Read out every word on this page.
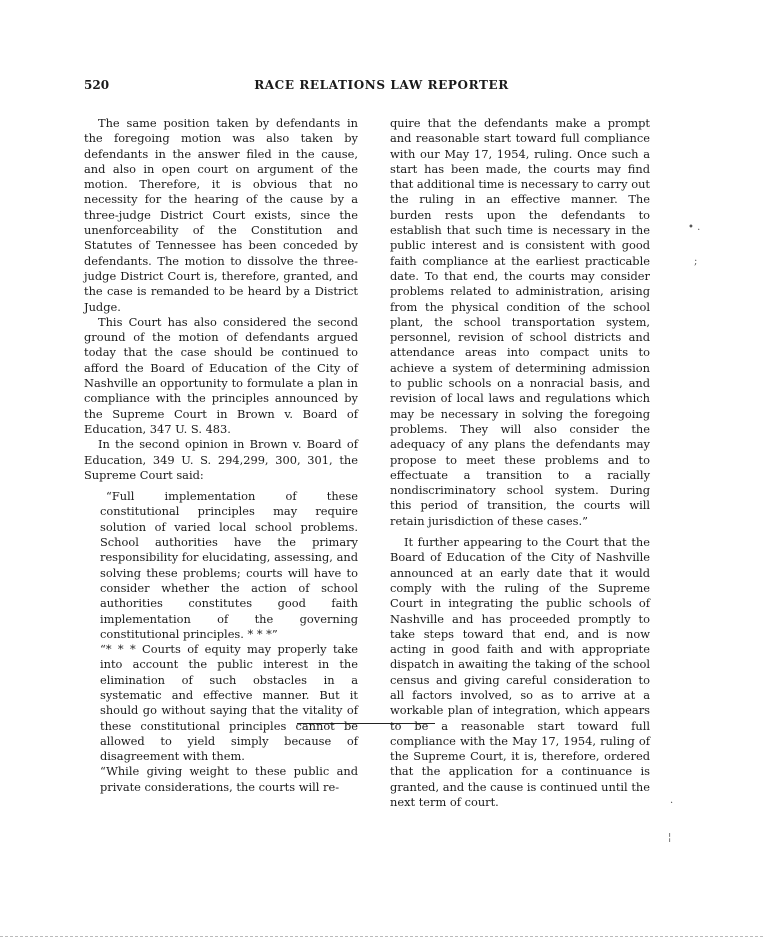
520	RACE RELATIONS LAW REPORTER

The same position taken by defendants in the foregoing motion was also taken by defendants in the answer filed in the cause, and also in open court on argument of the motion. Therefore, it is obvious that no necessity for the hearing of the cause by a three-judge District Court exists, since the unenforceability of the Constitution and Statutes of Tennessee has been conceded by defendants. The motion to dissolve the three-judge District Court is, therefore, granted, and the case is remanded to be heard by a District Judge.

This Court has also considered the second ground of the motion of defendants argued today that the case should be continued to afford the Board of Education of the City of Nashville an opportunity to formulate a plan in compliance with the principles announced by the Supreme Court in Brown v. Board of Education, 347 U. S. 483.

In the second opinion in Brown v. Board of Education, 349 U. S. 294,299, 300, 301, the Supreme Court said:

“Full implementation of these constitutional principles may require solution of varied local school problems. School authorities have the primary responsibility for elucidating, assessing, and solving these problems; courts will have to consider whether the action of school authorities constitutes good faith implementation of the governing constitutional principles. * * *”

“* * * Courts of equity may properly take into account the public interest in the elimination of such obstacles in a systematic and effective manner. But it should go without saying that the vitality of these constitutional principles cannot be allowed to yield simply because of disagreement with them.

“While giving weight to these public and private considerations, the courts will re-

quire that the defendants make a prompt and reasonable start toward full compliance with our May 17, 1954, ruling. Once such a start has been made, the courts may find that additional time is necessary to carry out the ruling in an effective manner. The burden rests upon the defendants to establish that such time is necessary in the public interest and is consistent with good faith compliance at the earliest practicable date. To that end, the courts may consider problems related to administration, arising from the physical condition of the school plant, the school transportation system, personnel, revision of school districts and attendance areas into compact units to achieve a system of determining admission to public schools on a nonracial basis, and revision of local laws and regulations which may be necessary in solving the foregoing problems. They will also consider the adequacy of any plans the defendants may propose to meet these problems and to effectuate a transition to a racially nondiscriminatory school system. During this period of transition, the courts will retain jurisdiction of these cases.”

It further appearing to the Court that the Board of Education of the City of Nashville announced at an early date that it would comply with the ruling of the Supreme Court in integrating the public schools of Nashville and has proceeded promptly to take steps toward that end, and is now acting in good faith and with appropriate dispatch in awaiting the taking of the school census and giving careful consideration to all factors involved, so as to arrive at a workable plan of integration, which appears to be a reasonable start toward full compliance with the May 17, 1954, ruling of the Supreme Court, it is, therefore, ordered that the application for a continuance is granted, and the cause is continued until the next term of court.

• .
;
·
¦
